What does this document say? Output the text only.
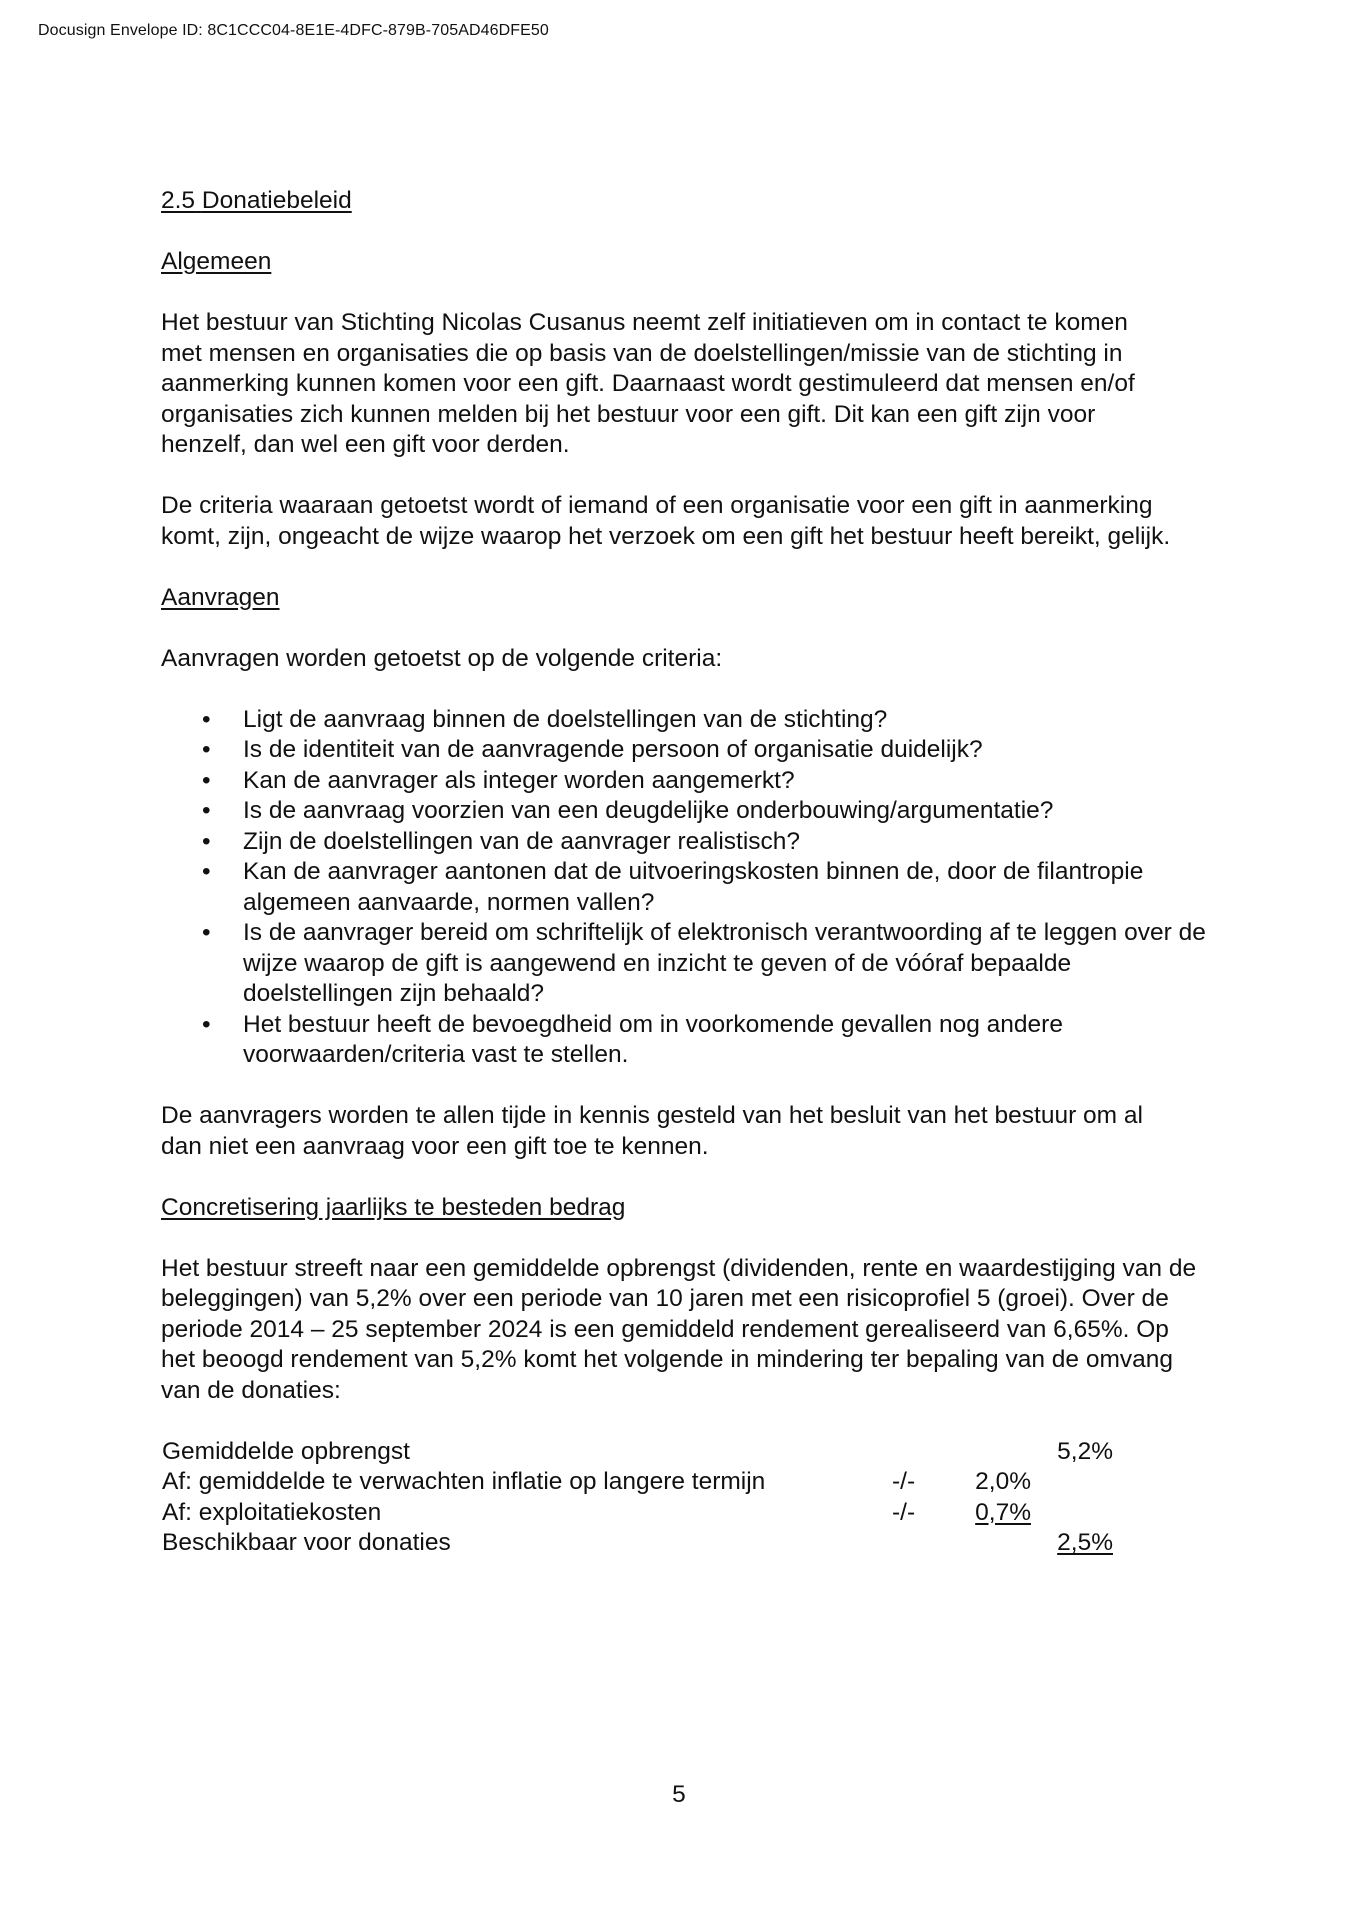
Docusign Envelope ID: 8C1CCC04-8E1E-4DFC-879B-705AD46DFE50

2.5 Donatiebeleid

Algemeen

Het bestuur van Stichting Nicolas Cusanus neemt zelf initiatieven om in contact te komen met mensen en organisaties die op basis van de doelstellingen/missie van de stichting in aanmerking kunnen komen voor een gift. Daarnaast wordt gestimuleerd dat mensen en/of organisaties zich kunnen melden bij het bestuur voor een gift. Dit kan een gift zijn voor henzelf, dan wel een gift voor derden.

De criteria waaraan getoetst wordt of iemand of een organisatie voor een gift in aanmerking komt, zijn, ongeacht de wijze waarop het verzoek om een gift het bestuur heeft bereikt, gelijk.

Aanvragen

Aanvragen worden getoetst op de volgende criteria:

• Ligt de aanvraag binnen de doelstellingen van de stichting?
• Is de identiteit van de aanvragende persoon of organisatie duidelijk?
• Kan de aanvrager als integer worden aangemerkt?
• Is de aanvraag voorzien van een deugdelijke onderbouwing/argumentatie?
• Zijn de doelstellingen van de aanvrager realistisch?
• Kan de aanvrager aantonen dat de uitvoeringskosten binnen de, door de filantropie algemeen aanvaarde, normen vallen?
• Is de aanvrager bereid om schriftelijk of elektronisch verantwoording af te leggen over de wijze waarop de gift is aangewend en inzicht te geven of de vóóraf bepaalde doelstellingen zijn behaald?
• Het bestuur heeft de bevoegdheid om in voorkomende gevallen nog andere voorwaarden/criteria vast te stellen.

De aanvragers worden te allen tijde in kennis gesteld van het besluit van het bestuur om al dan niet een aanvraag voor een gift toe te kennen.

Concretisering jaarlijks te besteden bedrag

Het bestuur streeft naar een gemiddelde opbrengst (dividenden, rente en waardestijging van de beleggingen) van 5,2% over een periode van 10 jaren met een risicoprofiel 5 (groei). Over de periode 2014 – 25 september 2024 is een gemiddeld rendement gerealiseerd van 6,65%. Op het beoogd rendement van 5,2% komt het volgende in mindering ter bepaling van de omvang van de donaties:

Gemiddelde opbrengst	5,2%
Af: gemiddelde te verwachten inflatie op langere termijn	-/-	2,0%
Af: exploitatiekosten	-/-	0,7%
Beschikbaar voor donaties	2,5%
5
